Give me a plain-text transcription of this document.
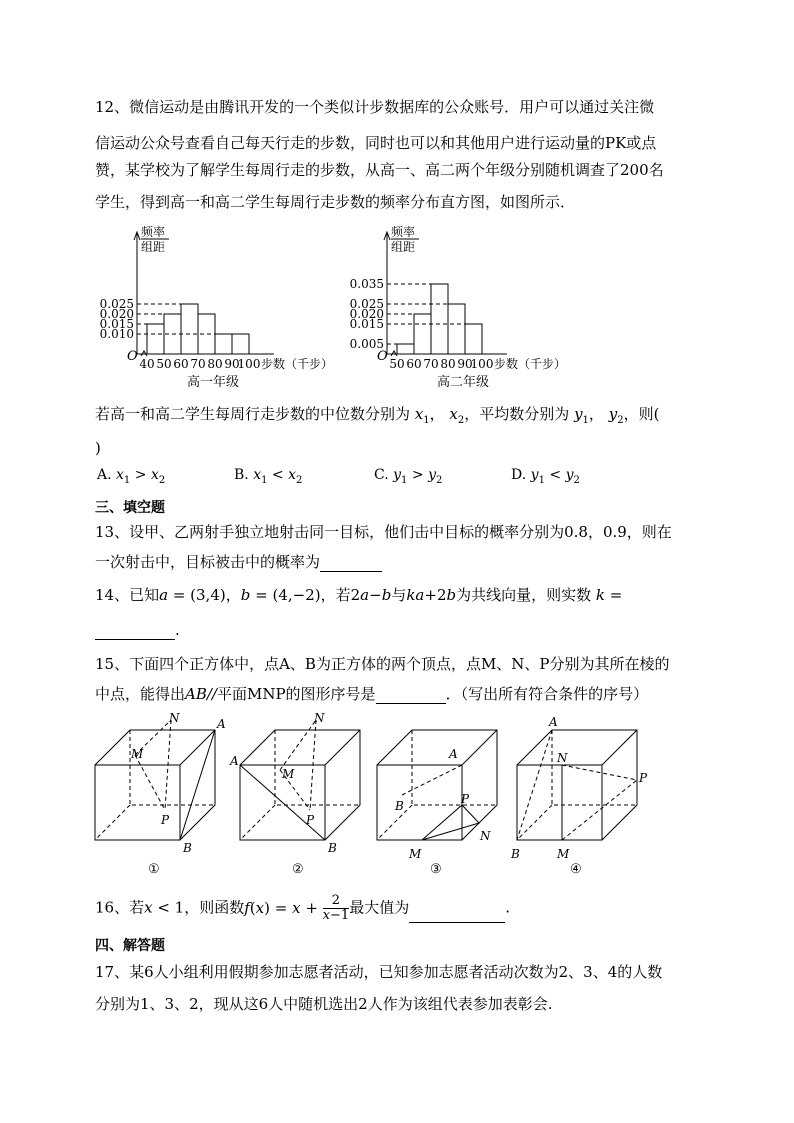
12、微信运动是由腾讯开发的一个类似计步数据库的公众账号．用户可以通过关注微
信运动公众号查看自己每天行走的步数，同时也可以和其他用户进行运动量的PK或点
赞，某学校为了解学生每周行走的步数，从高一、高二两个年级分别随机调查了200名
学生，得到高一和高二学生每周行走步数的频率分布直方图，如图所示．
频率
组距
0.025
0.020
0.015
0.010
40 50 60 70 80 90
100 步数（千步）
O
高一年级
频率
组距
0.035
0.025
0.020
0.015
0.005
50 60 70 80 90
100 步数（千步）
O
高二年级
若高一和高二学生每周行走步数的中位数分别为 $x_1$， $x_2$，平均数分别为 $y_1$， $y_2$，则(
)
A. $x_1 > x_2$	B. $x_1 < x_2$	C. $y_1 > y_2$	D. $y_1 < y_2$
三、填空题
13、设甲、乙两射手独立地射击同一目标，他们击中目标的概率分别为0.8，0.9，则在
一次射击中，目标被击中的概率为
14、已知a = (3,4)，b = (4,−2)，若2a−b与ka+2b为共线向量，则实数 k =
.
15、下面四个正方体中，点A、B为正方体的两个顶点，点M、N、P分别为其所在棱的
中点，能得出AB//平面MNP的图形序号是	．（写出所有符合条件的序号）
N	A
M
P
B
N
A
M
P
B
A
B	P
N
M
A
N
P
B	M
①	②	③	④
16、若x < 1，则函数$f(x) = x + \frac{2}{x-1}$ 最大值为	.
四、解答题
17、某6人小组利用假期参加志愿者活动，已知参加志愿者活动次数为2、3、4的人数
分别为1、3、2，现从这6人中随机选出2人作为该组代表参加表彰会.
